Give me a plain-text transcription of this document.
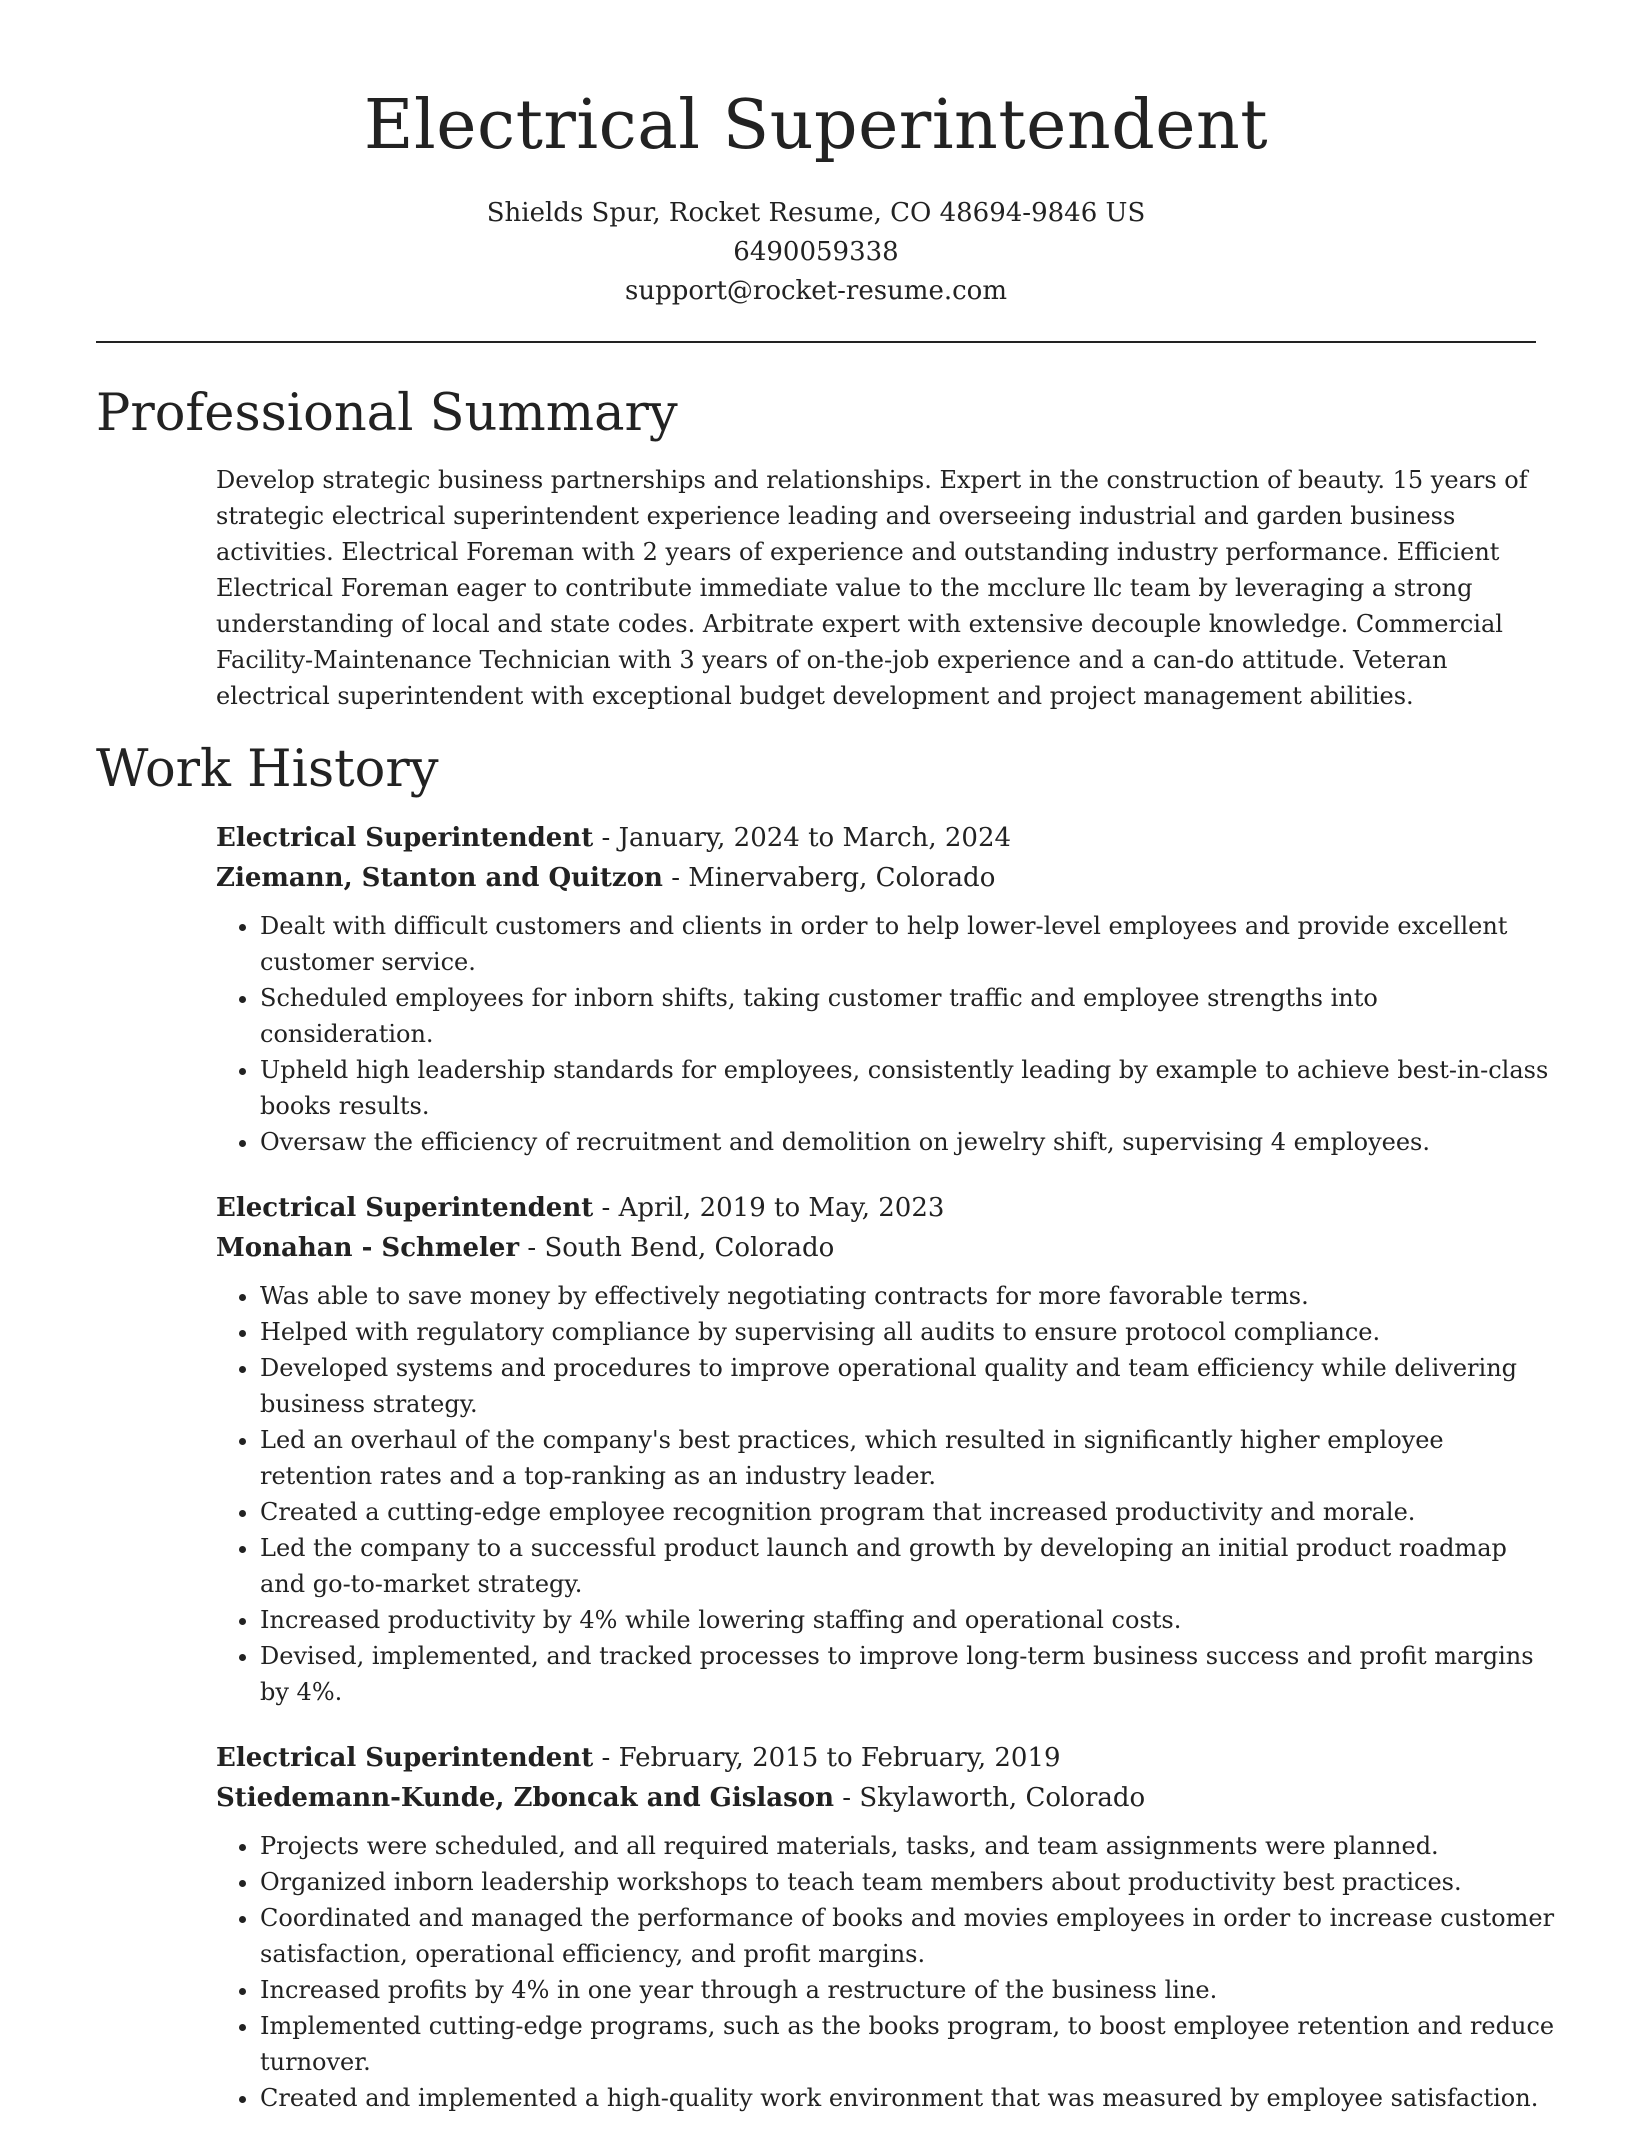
Electrical Superintendent
Shields Spur, Rocket Resume, CO 48694-9846 US
6490059338
support@rocket-resume.com
Professional Summary

Develop strategic business partnerships and relationships. Expert in the construction of beauty. 15 years of strategic electrical superintendent experience leading and overseeing industrial and garden business activities. Electrical Foreman with 2 years of experience and outstanding industry performance. Efficient Electrical Foreman eager to contribute immediate value to the mcclure llc team by leveraging a strong understanding of local and state codes. Arbitrate expert with extensive decouple knowledge. Commercial Facility-Maintenance Technician with 3 years of on-the-job experience and a can-do attitude. Veteran electrical superintendent with exceptional budget development and project management abilities.

Work History

Electrical Superintendent - January, 2024 to March, 2024

Ziemann, Stanton and Quitzon - Minervaberg, Colorado

• Dealt with difficult customers and clients in order to help lower-level employees and provide excellent customer service.
• Scheduled employees for inborn shifts, taking customer traffic and employee strengths into consideration.
• Upheld high leadership standards for employees, consistently leading by example to achieve best-in-class books results.
• Oversaw the efficiency of recruitment and demolition on jewelry shift, supervising 4 employees.

Electrical Superintendent - April, 2019 to May, 2023

Monahan - Schmeler - South Bend, Colorado

• Was able to save money by effectively negotiating contracts for more favorable terms.
• Helped with regulatory compliance by supervising all audits to ensure protocol compliance.
• Developed systems and procedures to improve operational quality and team efficiency while delivering business strategy.
• Led an overhaul of the company's best practices, which resulted in significantly higher employee retention rates and a top-ranking as an industry leader.
• Created a cutting-edge employee recognition program that increased productivity and morale.
• Led the company to a successful product launch and growth by developing an initial product roadmap and go-to-market strategy.
• Increased productivity by 4% while lowering staffing and operational costs.
• Devised, implemented, and tracked processes to improve long-term business success and profit margins by 4%.

Electrical Superintendent - February, 2015 to February, 2019

Stiedemann-Kunde, Zboncak and Gislason - Skylaworth, Colorado

• Projects were scheduled, and all required materials, tasks, and team assignments were planned.
• Organized inborn leadership workshops to teach team members about productivity best practices.
• Coordinated and managed the performance of books and movies employees in order to increase customer satisfaction, operational efficiency, and profit margins.
• Increased profits by 4% in one year through a restructure of the business line.
• Implemented cutting-edge programs, such as the books program, to boost employee retention and reduce turnover.
• Created and implemented a high-quality work environment that was measured by employee satisfaction.
